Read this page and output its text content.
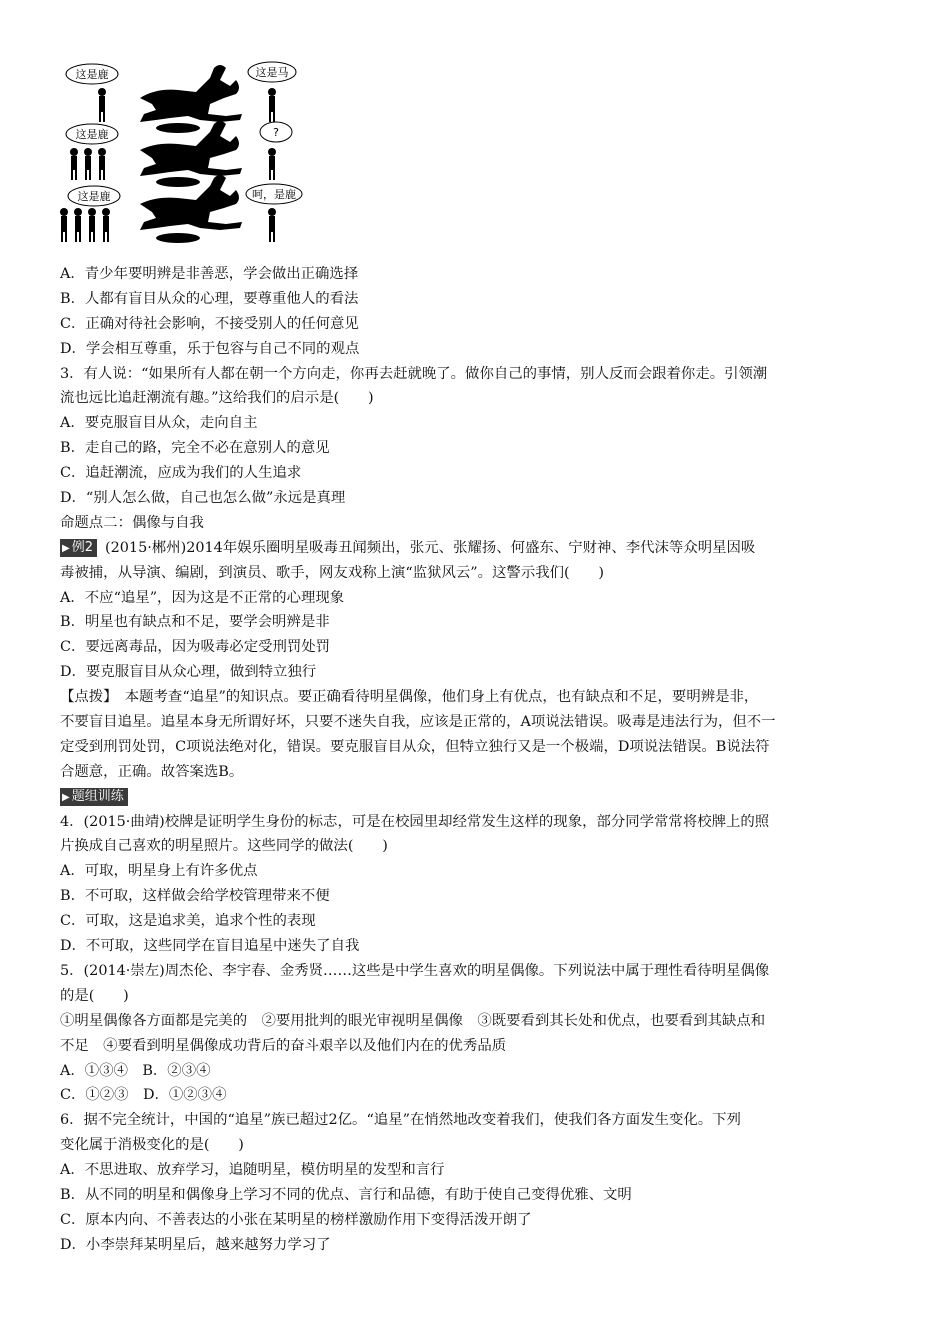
这是鹿	这是马
这是鹿	?
这是鹿	呵，是鹿
A．青少年要明辨是非善恶，学会做出正确选择
B．人都有盲目从众的心理，要尊重他人的看法
C．正确对待社会影响，不接受别人的任何意见
D．学会相互尊重，乐于包容与自己不同的观点
3．有人说：“如果所有人都在朝一个方向走，你再去赶就晚了。做你自己的事情，别人反而会跟着你走。引领潮
流也远比追赶潮流有趣。”这给我们的启示是(　　)
A．要克服盲目从众，走向自主
B．走自己的路，完全不必在意别人的意见
C．追赶潮流，应成为我们的人生追求
D．“别人怎么做，自己也怎么做”永远是真理
命题点二：偶像与自我
▶ 例2 (2015·郴州)2014年娱乐圈明星吸毒丑闻频出，张元、张耀扬、何盛东、宁财神、李代沫等众明星因吸
毒被捕，从导演、编剧，到演员、歌手，网友戏称上演“监狱风云”。这警示我们(　　)
A．不应“追星”，因为这是不正常的心理现象
B．明星也有缺点和不足，要学会明辨是非
C．要远离毒品，因为吸毒必定受刑罚处罚
D．要克服盲目从众心理，做到特立独行
【点拨】　本题考查“追星”的知识点。要正确看待明星偶像，他们身上有优点，也有缺点和不足，要明辨是非，
不要盲目追星。追星本身无所谓好坏，只要不迷失自我，应该是正常的，A项说法错误。吸毒是违法行为，但不一
定受到刑罚处罚，C项说法绝对化，错误。要克服盲目从众，但特立独行又是一个极端，D项说法错误。B说法符
合题意，正确。故答案选B。
▶ 题组训练
4．(2015·曲靖)校牌是证明学生身份的标志，可是在校园里却经常发生这样的现象，部分同学常常将校牌上的照
片换成自己喜欢的明星照片。这些同学的做法(　　)
A．可取，明星身上有许多优点
B．不可取，这样做会给学校管理带来不便
C．可取，这是追求美，追求个性的表现
D．不可取，这些同学在盲目追星中迷失了自我
5．(2014·崇左)周杰伦、李宇春、金秀贤……这些是中学生喜欢的明星偶像。下列说法中属于理性看待明星偶像
的是(　　)
①明星偶像各方面都是完美的　②要用批判的眼光审视明星偶像　③既要看到其长处和优点，也要看到其缺点和
不足　④要看到明星偶像成功背后的奋斗艰辛以及他们内在的优秀品质
A．①③④　B．②③④
C．①②③　D．①②③④
6．据不完全统计，中国的“追星”族已超过2亿。“追星”在悄然地改变着我们，使我们各方面发生变化。下列
变化属于消极变化的是(　　)
A．不思进取、放弃学习，追随明星，模仿明星的发型和言行
B．从不同的明星和偶像身上学习不同的优点、言行和品德，有助于使自己变得优雅、文明
C．原本内向、不善表达的小张在某明星的榜样激励作用下变得活泼开朗了
D．小李崇拜某明星后，越来越努力学习了
